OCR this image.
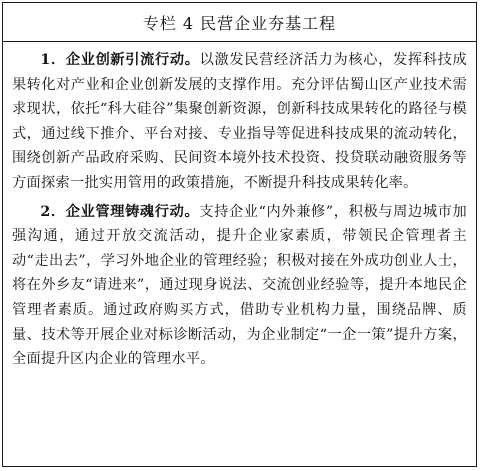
专栏 4 民营企业夯基工程

1．企业创新引流行动。以激发民营经济活力为核心，发挥科技成果转化对产业和企业创新发展的支撑作用。充分评估蜀山区产业技术需求现状，依托“科大硅谷”集聚创新资源，创新科技成果转化的路径与模式，通过线下推介、平台对接、专业指导等促进科技成果的流动转化，围绕创新产品政府采购、民间资本境外技术投资、投贷联动融资服务等方面探索一批实用管用的政策措施，不断提升科技成果转化率。

2．企业管理铸魂行动。支持企业“内外兼修”，积极与周边城市加强沟通，通过开放交流活动，提升企业家素质，带领民企管理者主动“走出去”，学习外地企业的管理经验；积极对接在外成功创业人士，将在外乡友“请进来”，通过现身说法、交流创业经验等，提升本地民企管理者素质。通过政府购买方式，借助专业机构力量，围绕品牌、质量、技术等开展企业对标诊断活动，为企业制定“一企一策”提升方案，全面提升区内企业的管理水平。
